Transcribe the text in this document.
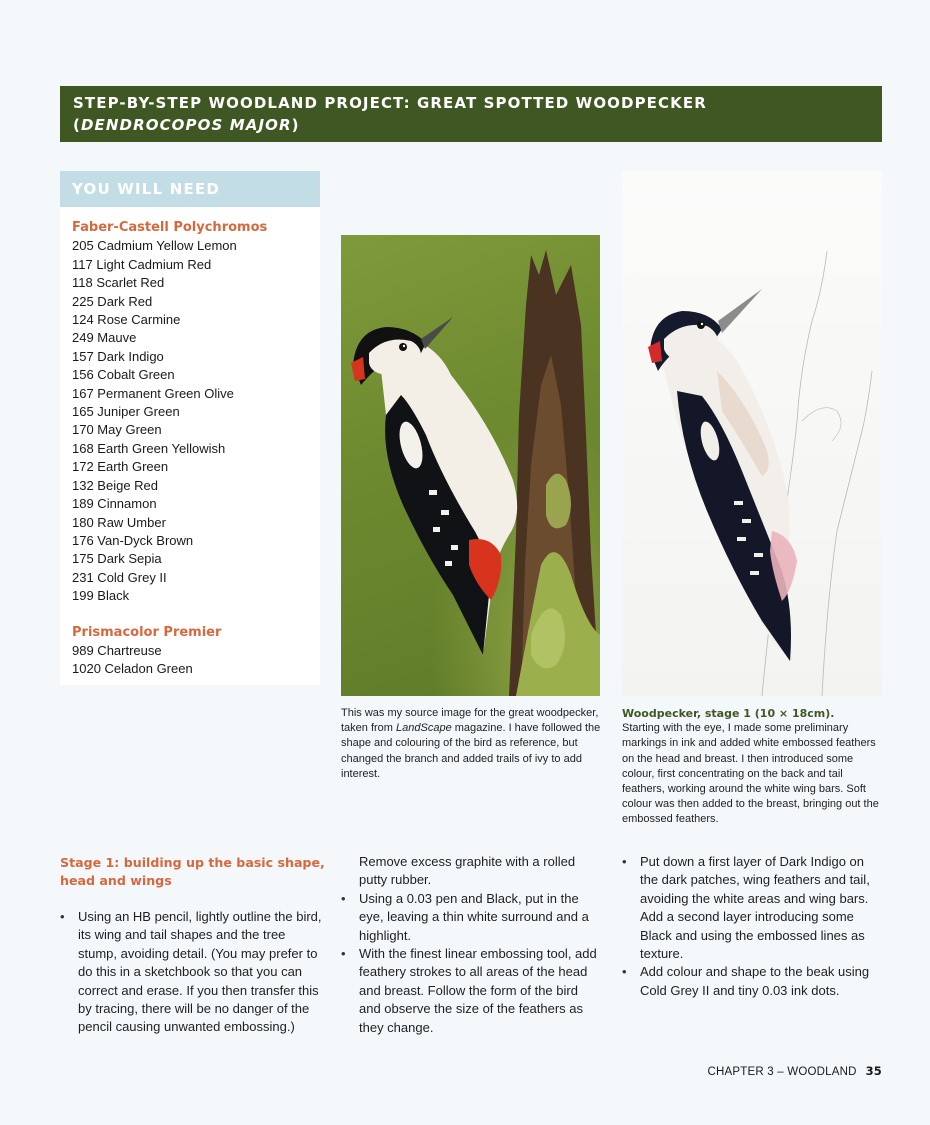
STEP-BY-STEP WOODLAND PROJECT: GREAT SPOTTED WOODPECKER
(DENDROCOPOS MAJOR)
YOU WILL NEED
Faber-Castell Polychromos
205 Cadmium Yellow Lemon
117 Light Cadmium Red
118 Scarlet Red
225 Dark Red
124 Rose Carmine
249 Mauve
157 Dark Indigo
156 Cobalt Green
167 Permanent Green Olive
165 Juniper Green
170 May Green
168 Earth Green Yellowish
172 Earth Green
132 Beige Red
189 Cinnamon
180 Raw Umber
176 Van-Dyck Brown
175 Dark Sepia
231 Cold Grey II
199 Black
Prismacolor Premier
989 Chartreuse
1020 Celadon Green
This was my source image for the great woodpecker, taken from LandScape magazine. I have followed the shape and colouring of the bird as reference, but changed the branch and added trails of ivy to add interest.
Woodpecker, stage 1 (10 × 18cm).
Starting with the eye, I made some preliminary markings in ink and added white embossed feathers on the head and breast. I then introduced some colour, first concentrating on the back and tail feathers, working around the white wing bars. Soft colour was then added to the breast, bringing out the embossed feathers.
Stage 1: building up the basic shape, head and wings
• Using an HB pencil, lightly outline the bird, its wing and tail shapes and the tree stump, avoiding detail. (You may prefer to do this in a sketchbook so that you can correct and erase. If you then transfer this by tracing, there will be no danger of the pencil causing unwanted embossing.)
Remove excess graphite with a rolled putty rubber.
• Using a 0.03 pen and Black, put in the eye, leaving a thin white surround and a highlight.
• With the finest linear embossing tool, add feathery strokes to all areas of the head and breast. Follow the form of the bird and observe the size of the feathers as they change.
• Put down a first layer of Dark Indigo on the dark patches, wing feathers and tail, avoiding the white areas and wing bars. Add a second layer introducing some Black and using the embossed lines as texture.
• Add colour and shape to the beak using Cold Grey II and tiny 0.03 ink dots.
CHAPTER 3 – WOODLAND 35
